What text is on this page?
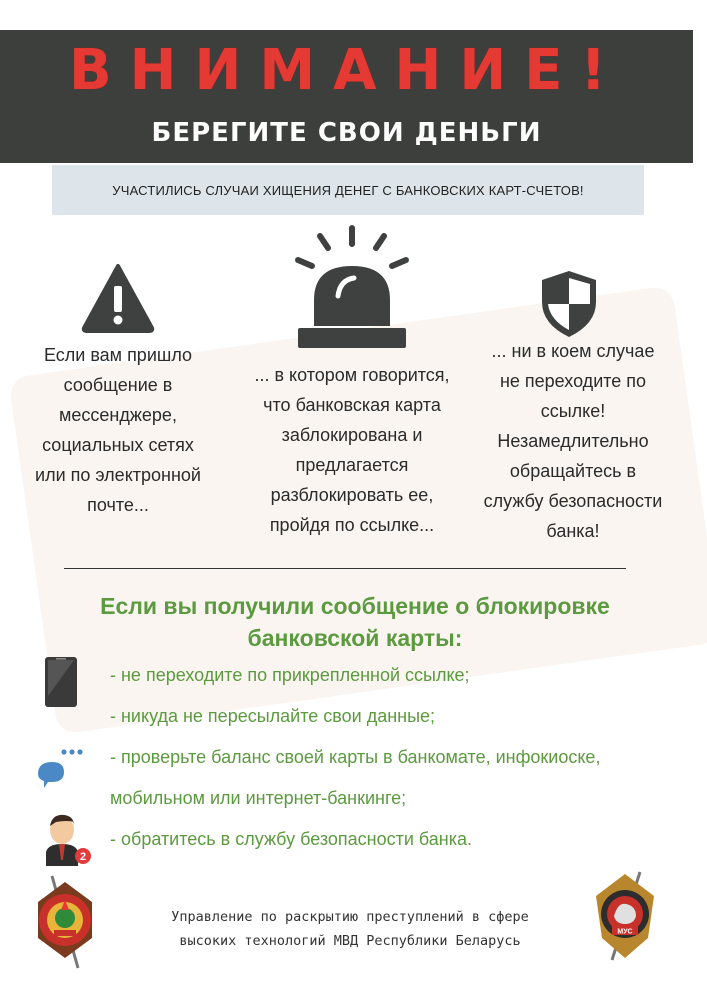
ВНИМАНИЕ!
БЕРЕГИТЕ СВОИ ДЕНЬГИ
УЧАСТИЛИСЬ СЛУЧАИ ХИЩЕНИЯ ДЕНЕГ С БАНКОВСКИХ КАРТ-СЧЕТОВ!
Если вам пришло
сообщение в
мессенджере,
социальных сетях
или по электронной
почте...
... в котором говорится,
что банковская карта
заблокирована и
предлагается
разблокировать ее,
пройдя по ссылке...
... ни в коем случае
не переходите по
ссылке!
Незамедлительно
обращайтесь в
службу безопасности
банка!
Если вы получили сообщение о блокировке
банковской карты:
2
- не переходите по прикрепленной ссылке;
- никуда не пересылайте свои данные;
- проверьте баланс своей карты в банкомате, инфокиоске,
мобильном или интернет-банкинге;
- обратитесь в службу безопасности банка.
МУС
Управление по раскрытию преступлений в сфере
высоких технологий МВД Республики Беларусь
